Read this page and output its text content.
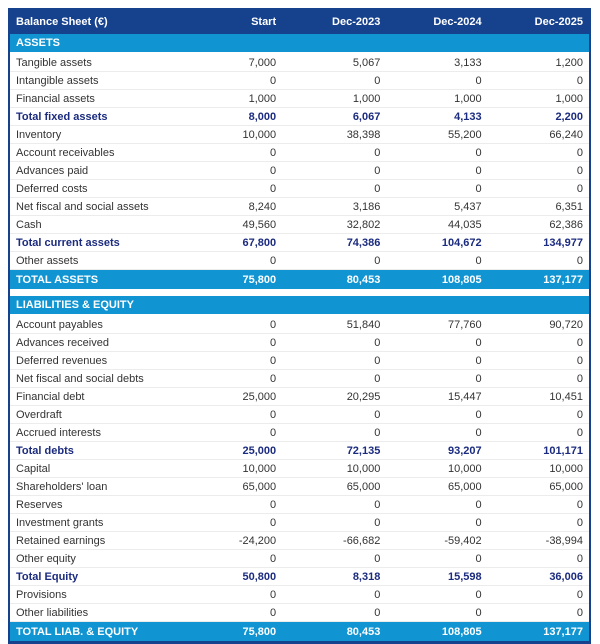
Balance Sheet (€)	Start	Dec-2023	Dec-2024	Dec-2025
ASSETS
Tangible assets	7,000	5,067	3,133	1,200
Intangible assets	0	0	0	0
Financial assets	1,000	1,000	1,000	1,000
Total fixed assets	8,000	6,067	4,133	2,200
Inventory	10,000	38,398	55,200	66,240
Account receivables	0	0	0	0
Advances paid	0	0	0	0
Deferred costs	0	0	0	0
Net fiscal and social assets	8,240	3,186	5,437	6,351
Cash	49,560	32,802	44,035	62,386
Total current assets	67,800	74,386	104,672	134,977
Other assets	0	0	0	0
TOTAL ASSETS	75,800	80,453	108,805	137,177
LIABILITIES & EQUITY
Account payables	0	51,840	77,760	90,720
Advances received	0	0	0	0
Deferred revenues	0	0	0	0
Net fiscal and social debts	0	0	0	0
Financial debt	25,000	20,295	15,447	10,451
Overdraft	0	0	0	0
Accrued interests	0	0	0	0
Total debts	25,000	72,135	93,207	101,171
Capital	10,000	10,000	10,000	10,000
Shareholders' loan	65,000	65,000	65,000	65,000
Reserves	0	0	0	0
Investment grants	0	0	0	0
Retained earnings	-24,200	-66,682	-59,402	-38,994
Other equity	0	0	0	0
Total Equity	50,800	8,318	15,598	36,006
Provisions	0	0	0	0
Other liabilities	0	0	0	0
TOTAL LIAB. & EQUITY	75,800	80,453	108,805	137,177
